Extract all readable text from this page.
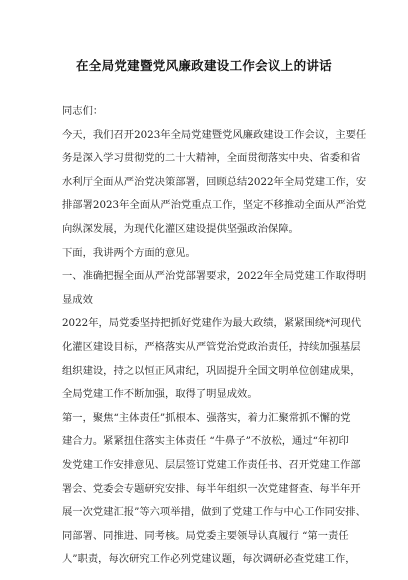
在全局党建暨党风廉政建设工作会议上的讲话
同志们：
今天，我们召开2023年全局党建暨党风廉政建设工作会议，主要任
务是深入学习贯彻党的二十大精神，全面贯彻落实中央、省委和省
水利厅全面从严治党决策部署，回顾总结2022年全局党建工作，安
排部署2023年全面从严治党重点工作，坚定不移推动全面从严治党
向纵深发展，为现代化灌区建设提供坚强政治保障。
下面，我讲两个方面的意见。
一、准确把握全面从严治党部署要求，2022年全局党建工作取得明
显成效
2022年，局党委坚持把抓好党建作为最大政绩，紧紧围绕*河现代
化灌区建设目标，严格落实从严管党治党政治责任，持续加强基层
组织建设，持之以恒正风肃纪，巩固提升全国文明单位创建成果，
全局党建工作不断加强，取得了明显成效。
第一，聚焦“主体责任”抓根本、强落实，着力汇聚常抓不懈的党
建合力。紧紧扭住落实主体责任 “牛鼻子”不放松，通过“年初印
发党建工作安排意见、层层签订党建工作责任书、召开党建工作部
署会、党委会专题研究安排、每半年组织一次党建督查、每半年开
展一次党建汇报”等六项举措，做到了党建工作与中心工作同安排、
同部署、同推进、同考核。局党委主要领导认真履行 “第一责任
人”职责，每次研究工作必列党建议题，每次调研必查党建工作，
